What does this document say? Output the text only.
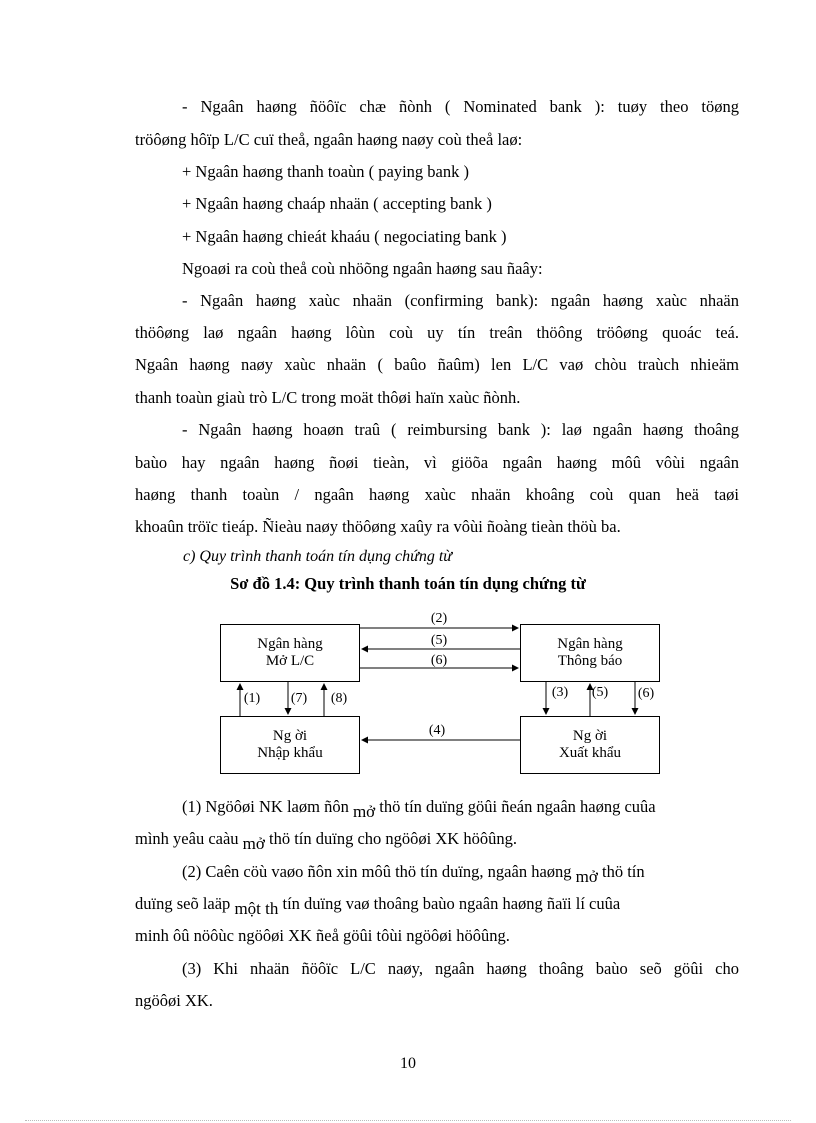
- Ngaân haøng ñöôïc chæ ñònh ( Nominated bank ): tuøy theo töøng
tröôøng hôïp L/C cuï theå, ngaân haøng naøy coù theå laø:
+ Ngaân haøng thanh toaùn ( paying bank )
+ Ngaân haøng chaáp nhaän ( accepting bank )
+ Ngaân haøng chieát khaáu ( negociating bank )
Ngoaøi ra coù theå coù nhöõng ngaân haøng sau ñaây:
- Ngaân haøng xaùc nhaän (confirming bank): ngaân haøng xaùc nhaän
thöôøng laø ngaân haøng lôùn coù uy tín treân thöông tröôøng quoác teá.
Ngaân haøng naøy xaùc nhaän ( baûo ñaûm) len L/C vaø chòu traùch nhieäm
thanh toaùn giaù trò L/C trong moät thôøi haïn xaùc ñònh.
- Ngaân haøng hoaøn traû ( reimbursing bank ): laø ngaân haøng thoâng
baùo hay ngaân haøng ñoøi tieàn, vì giöõa ngaân haøng môû vôùi ngaân
haøng thanh toaùn / ngaân haøng xaùc nhaän khoâng coù quan heä taøi
khoaûn tröïc tieáp. Ñieàu naøy thöôøng xaûy ra vôùi ñoàng tieàn thöù ba.
c) Quy trình thanh toán tín dụng chứng từ
Sơ đồ 1.4: Quy trình thanh toán tín dụng chứng từ
Ngân hàng
Mở L/C
Ngân hàng
Thông báo
Ng ời
Nhập khẩu
Ng ời
Xuất khẩu
(2)
(5)
(6)
(1) (7) (8)	(3) (5) (6)
(4)
(1) Ngöôøi NK laøm ñôn mở thö tín duïng göûi ñeán ngaân haøng cuûa
mình yeâu caàu mở thö tín duïng cho ngöôøi XK höôûng.
(2) Caên cöù vaøo ñôn xin môû thö tín duïng, ngaân haøng mở thö tín
duïng seõ laäp một th tín duïng vaø thoâng baùo ngaân haøng ñaïi lí cuûa
minh ôû nöôùc ngöôøi XK ñeå göûi tôùi ngöôøi höôûng.
(3) Khi nhaän ñöôïc L/C naøy, ngaân haøng thoâng baùo seõ göûi cho
ngöôøi XK.
10
